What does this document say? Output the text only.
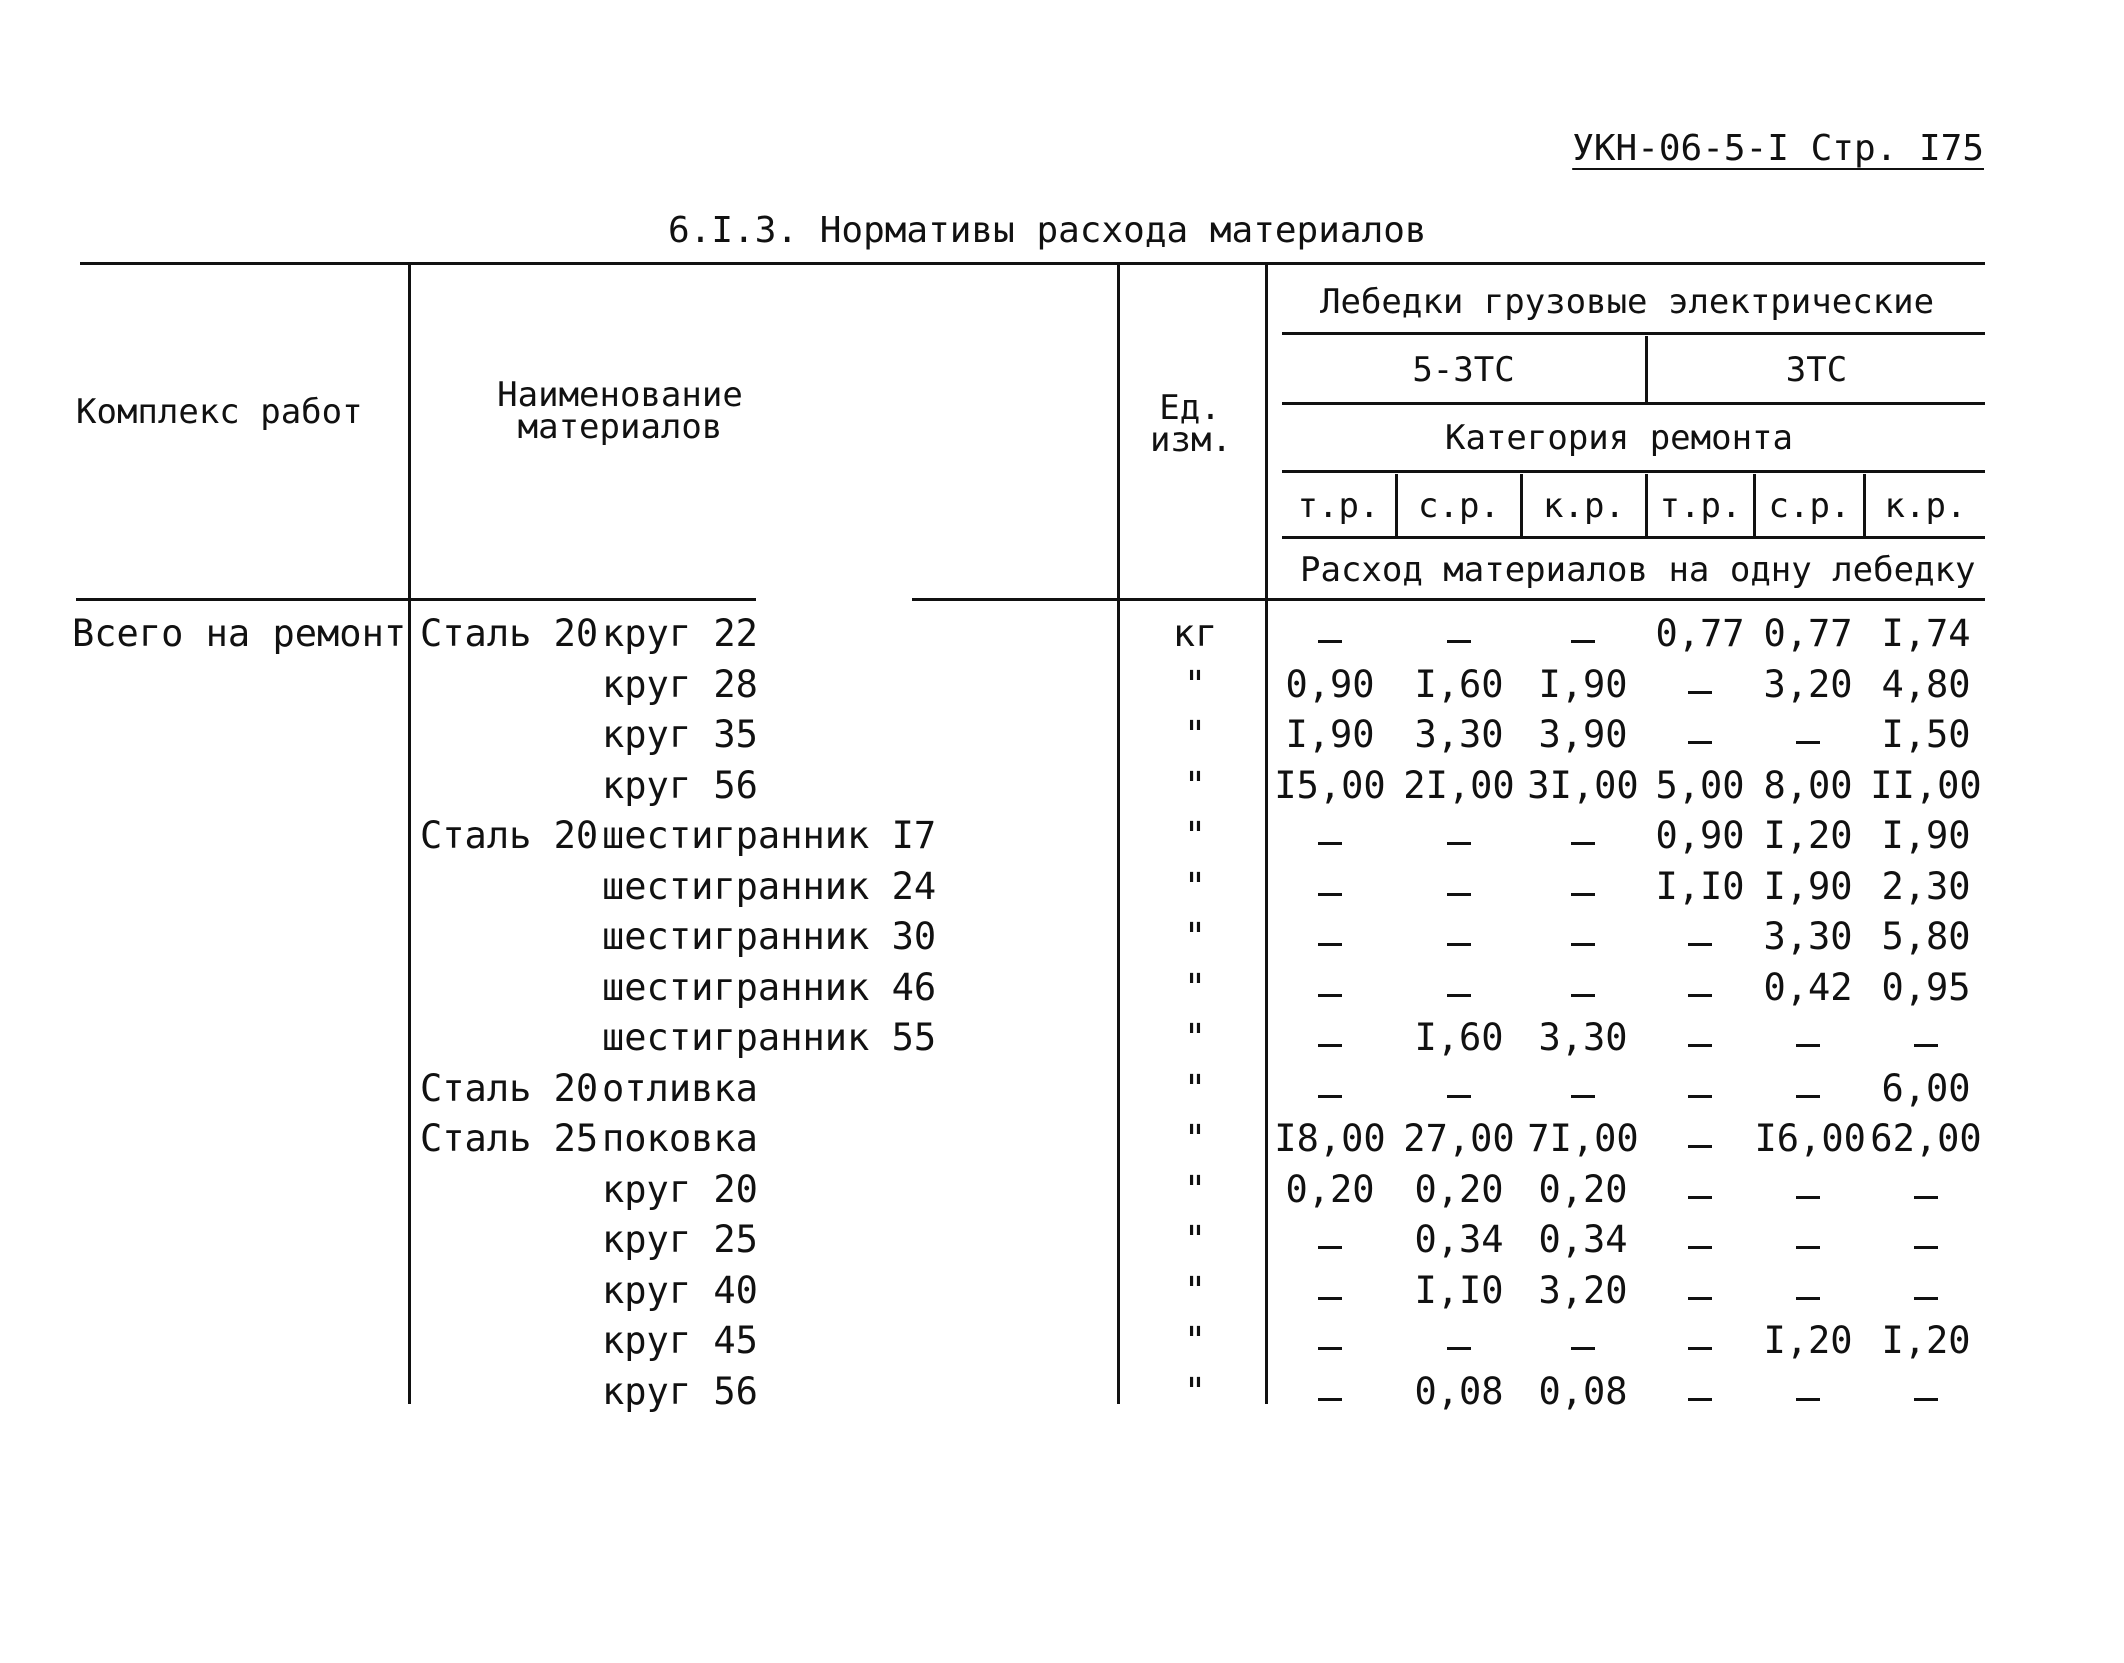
УКН-06-5-I Стр. I75
6.I.3. Нормативы расхода материалов
Комплекс работ	Наименование
материалов	Ед.
изм.
Лебедки грузовые электрические
5-3ТС	3ТС
Категория ремонта
т.р.	с.р.	к.р.	т.р. с.р.	к.р.
Расход материалов на одну лебедку
Всего на ремонт Сталь 20 круг 22	кг	0,77 0,77 I,74
круг 28	"	0,90	I,60 I,90	3,20 4,80
круг 35	"	I,90	3,30 3,90	I,50
круг 56	"	I5,00 2I,00 3I,00 5,00 8,00 II,00
Сталь 20 шестигранник I7	"	0,90 I,20 I,90
шестигранник 24	"	I,I0 I,90 2,30
шестигранник 30	"	3,30 5,80
шестигранник 46	"	0,42 0,95
шестигранник 55	"	I,60 3,30
Сталь 20 отливка	"	6,00
Сталь 25 поковка	"	I8,00 27,00 7I,00	I6,00 62,00
круг 20	"	0,20	0,20 0,20
круг 25	"	0,34 0,34
круг 40	"	I,I0 3,20
круг 45	"	I,20 I,20
круг 56	"	0,08 0,08
